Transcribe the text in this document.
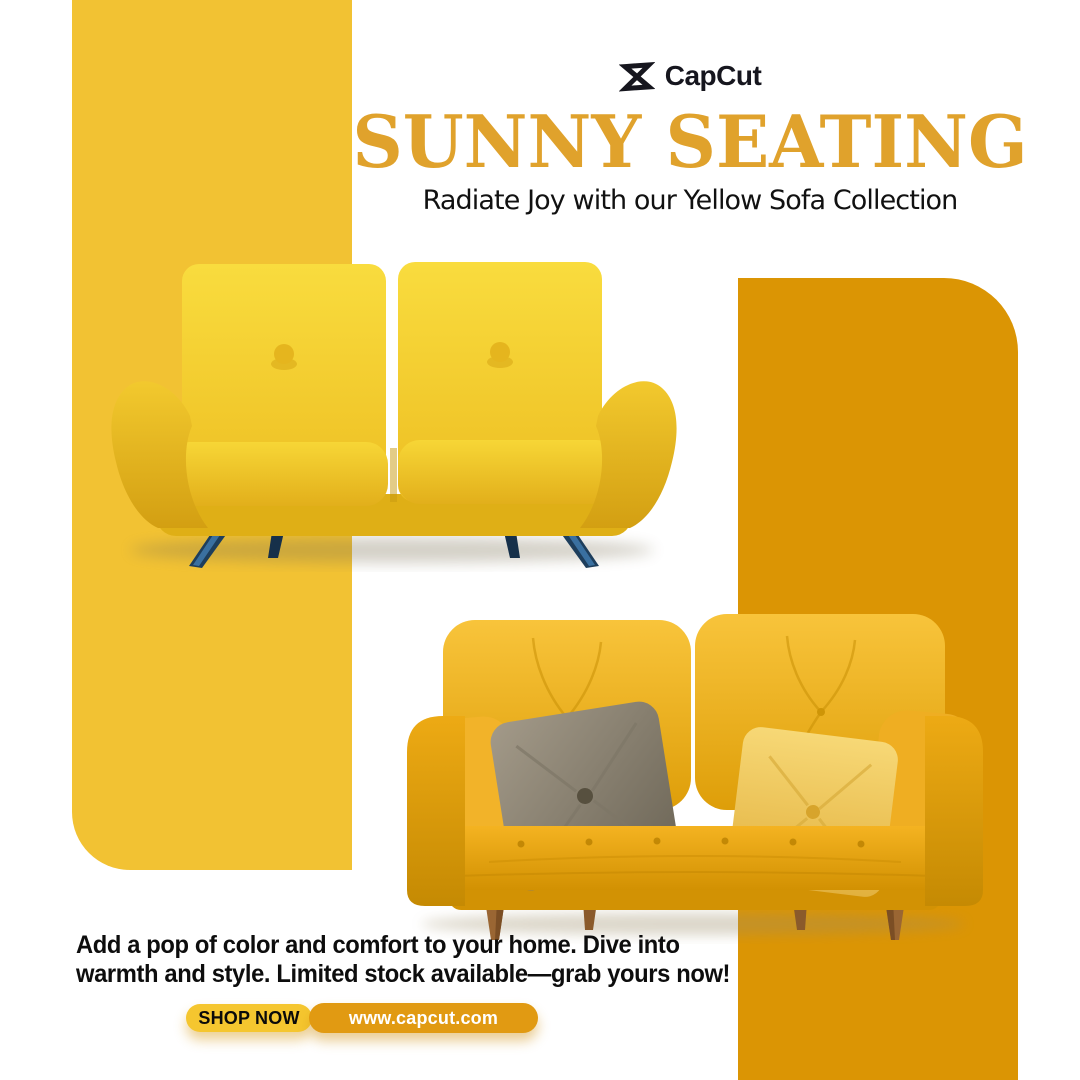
CapCut
SUNNY SEATING
Radiate Joy with our Yellow Sofa Collection
Add a pop of color and comfort to your home. Dive into
warmth and style. Limited stock available—grab yours now!
SHOP NOW	www.capcut.com
